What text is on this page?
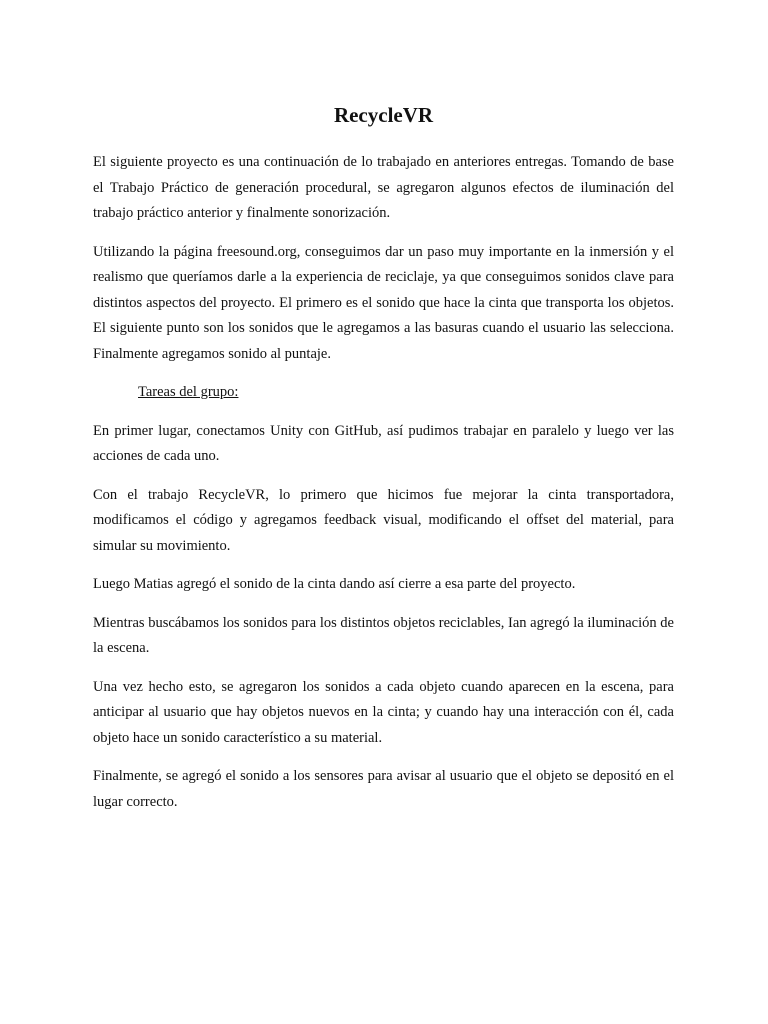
RecycleVR

El siguiente proyecto es una continuación de lo trabajado en anteriores entregas. Tomando de base el Trabajo Práctico de generación procedural, se agregaron algunos efectos de iluminación del trabajo práctico anterior y finalmente sonorización.

Utilizando la página freesound.org, conseguimos dar un paso muy importante en la inmersión y el realismo que queríamos darle a la experiencia de reciclaje, ya que conseguimos sonidos clave para distintos aspectos del proyecto. El primero es el sonido que hace la cinta que transporta los objetos. El siguiente punto son los sonidos que le agregamos a las basuras cuando el usuario las selecciona. Finalmente agregamos sonido al puntaje.

Tareas del grupo:

En primer lugar, conectamos Unity con GitHub, así pudimos trabajar en paralelo y luego ver las acciones de cada uno.

Con el trabajo RecycleVR, lo primero que hicimos fue mejorar la cinta transportadora, modificamos el código y agregamos feedback visual, modificando el offset del material, para simular su movimiento.

Luego Matias agregó el sonido de la cinta dando así cierre a esa parte del proyecto.

Mientras buscábamos los sonidos para los distintos objetos reciclables, Ian agregó la iluminación de la escena.

Una vez hecho esto, se agregaron los sonidos a cada objeto cuando aparecen en la escena, para anticipar al usuario que hay objetos nuevos en la cinta; y cuando hay una interacción con él, cada objeto hace un sonido característico a su material.

Finalmente, se agregó el sonido a los sensores para avisar al usuario que el objeto se depositó en el lugar correcto.
